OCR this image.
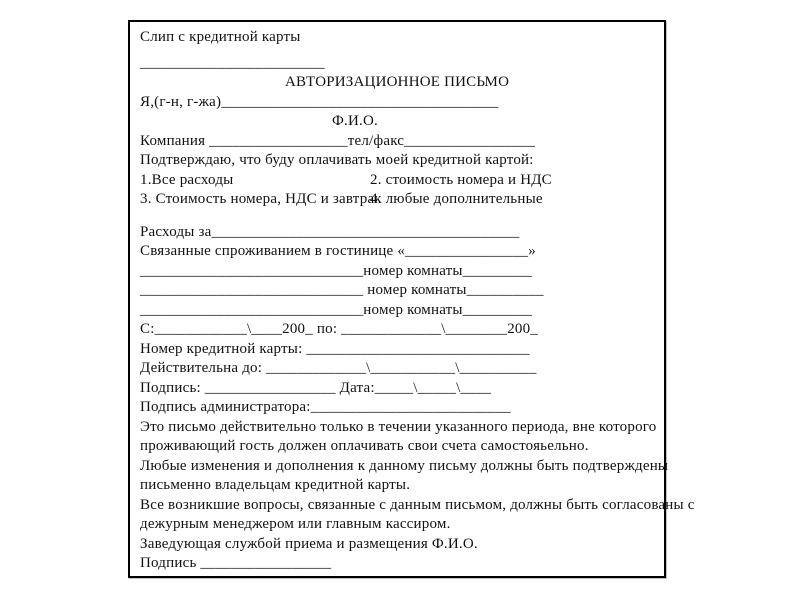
Слип с кредитной карты
________________________
АВТОРИЗАЦИОННОЕ ПИСЬМО
Я,(г-н, г-жа)____________________________________
Ф.И.О.
Компания __________________тел/факс_________________
Подтверждаю, что буду оплачивать моей кредитной картой:
1.Все расходы	2. стоимость номера и НДС
3. Стоимость номера, НДС и завтрак
4. любые дополнительные
Расходы за________________________________________
Связанные спроживанием в гостинице «________________»
_____________________________номер комнаты_________
_____________________________ номер комнаты__________
_____________________________номер комнаты_________
С:____________\____200_ по: _____________\________200_
Номер кредитной карты: _____________________________
Действительна до: _____________\___________\__________
Подпись: _________________ Дата:_____\_____\____
Подпись администратора:__________________________
Это письмо действительно только в течении указанного периода, вне которого
проживающий гость должен оплачивать свои счета самостояьельно.
Любые изменения и дополнения к данному письму должны быть подтверждены
письменно владельцам кредитной карты.
Все возникшие вопросы, связанные с данным письмом, должны быть согласованы с
дежурным менеджером или главным кассиром.
Заведующая службой приема и размещения Ф.И.О.
Подпись _________________
